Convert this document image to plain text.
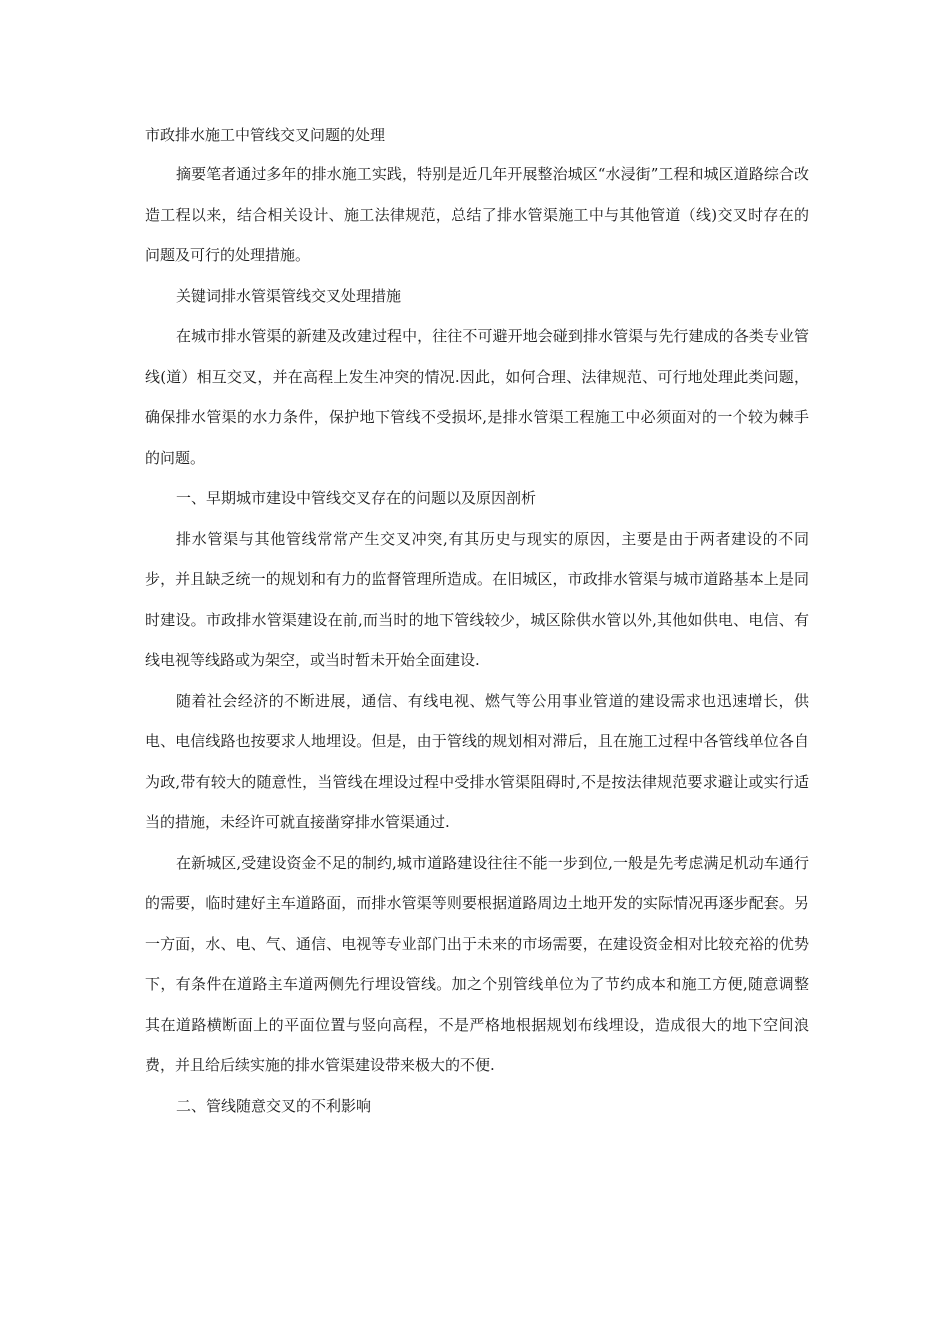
市政排水施工中管线交叉问题的处理

摘要笔者通过多年的排水施工实践，特别是近几年开展整治城区“水浸街”工程和城区道路综合改造工程以来，结合相关设计、施工法律规范，总结了排水管渠施工中与其他管道（线)交叉时存在的问题及可行的处理措施。

关键词排水管渠管线交叉处理措施

在城市排水管渠的新建及改建过程中，往往不可避开地会碰到排水管渠与先行建成的各类专业管线(道）相互交叉，并在高程上发生冲突的情况.因此，如何合理、法律规范、可行地处理此类问题，确保排水管渠的水力条件，保护地下管线不受损坏,是排水管渠工程施工中必须面对的一个较为棘手的问题。

一、早期城市建设中管线交叉存在的问题以及原因剖析

排水管渠与其他管线常常产生交叉冲突,有其历史与现实的原因，主要是由于两者建设的不同步，并且缺乏统一的规划和有力的监督管理所造成。在旧城区，市政排水管渠与城市道路基本上是同时建设。市政排水管渠建设在前,而当时的地下管线较少，城区除供水管以外,其他如供电、电信、有线电视等线路或为架空，或当时暂未开始全面建设.

随着社会经济的不断进展，通信、有线电视、燃气等公用事业管道的建设需求也迅速增长，供电、电信线路也按要求人地埋设。但是，由于管线的规划相对滞后，且在施工过程中各管线单位各自为政,带有较大的随意性，当管线在埋设过程中受排水管渠阻碍时,不是按法律规范要求避让或实行适当的措施，未经许可就直接凿穿排水管渠通过.

在新城区,受建设资金不足的制约,城市道路建设往往不能一步到位,一般是先考虑满足机动车通行的需要，临时建好主车道路面，而排水管渠等则要根据道路周边土地开发的实际情况再逐步配套。另一方面，水、电、气、通信、电视等专业部门出于未来的市场需要，在建设资金相对比较充裕的优势下，有条件在道路主车道两侧先行埋设管线。加之个别管线单位为了节约成本和施工方便,随意调整其在道路横断面上的平面位置与竖向高程，不是严格地根据规划布线埋设，造成很大的地下空间浪费，并且给后续实施的排水管渠建设带来极大的不便.

二、管线随意交叉的不利影响
